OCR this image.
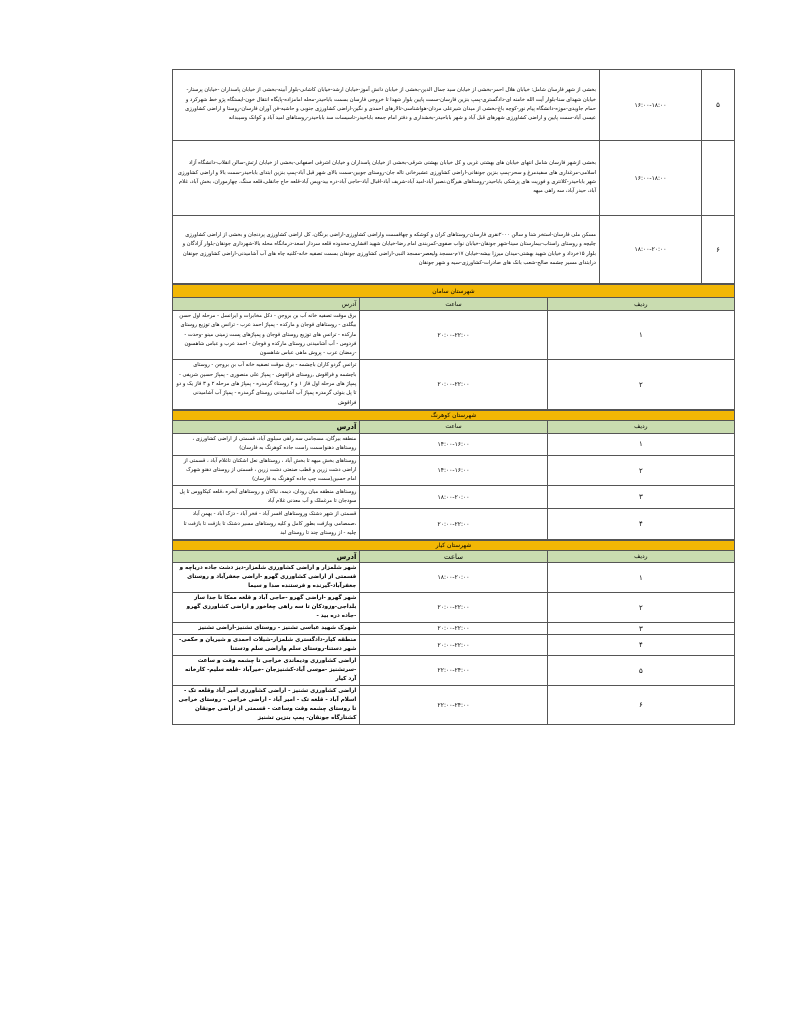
۵	۱۶:۰۰-۱۸:۰۰	بخشی از شهر فارسان شامل: خیابان هلال احمر-بخشی از خیابان سید جمال الدین-بخشی از خیابان دانش آموز-خیابان ارشد-خیابان کاشانی-بلوار آبینه-بخشی از خیابان پاسداران -خیابان پرستار-خیابان شهدای سنا-بلوار آیت الله خامنه ای-دادگستری-پمپ بنزین فارسان-سمت پایین بلوار شهدا تا خروجی فارسان بسمت باباحیدر-محله امامزاده-پایگاه انتقال خون-ایستگاه پژو خط شهرکرد و حمام جاویدی-موزه-دانشگاه پیام نور-کوچه باغ-بخشی از میدان شیرعلی مردان-هواشناسی-تالارهای احمدی و نگین-اراضی کشاورزی جنوبی و حاشیه-فن آوران فارسان-روستا و اراضی کشاورزی عیسی آباد-سمت پایین و اراضی کشاورزی شهرهای قبل آباد و شهر باباحیدر-بخشداری و دفتر امام جمعه باباحیدر-تاسیسات سد باباحیدر-روستاهای امید آباد و کوانک وسیبدانه
	۱۶:۰۰-۱۸:۰۰	بخشی ازشهر فارسان شامل انتهای خیابان های بهشتی غربی و کل خیابان بهشتی شرقی-بخشی از خیابان پاسداران و خیابان اشرفی اصفهانی-بخشی از خیابان ارتش-سالن انقلاب-دانشگاه آزاد اسلامی-مرغداری های سفیدمرغ و سحر-پمپ بنزین جونقانی-اراضی کشاورزی عشیرخانی تاله جان-روستای جوبین-سمت بالای شهر قبل آباد-پمپ بنزین ابتدای باباحیدر-سمت بالا و اراضی کشاورزی شهر باباحیدر-کلانتری و فوریت های پزشکی باباحیدر-روستاهای هیرگان،نصیر آباد-امید آباد-شریف آباد-اقبال آباد-حاجی آباد-دره بید-ویس آباد-قلعه حاج جانقلی،قلعه سنگ، چهارموران، بخش آباد، غلام آباد، حیدر آباد، سه راهی میهه
۶	۱۸:۰۰-۲۰:۰۰	مسکن ملی فارسان-استخر شنا و سالن ۲۰۰۰نفری فارسان-روستاهای کران و کوشکه و چهاقسمت واراضی کشاورزی-اراضی برنگان، کل اراضی کشاورزی پردنجان و بخشی از اراضی کشاورزی چلیچه و روستای راستاب-بیمارستان سینا-شهر جونقان-خیابان نواب صفوی-کمربندی امام رضا-خیابان شهید افشاری-محدوده قلعه سردار اسعد-درمانگاه محله بالا-شهرداری جونقان-بلوار آزادگان و بلوار ۱۵خرداد و خیابان شهید بهشتی-میدان میرزا بیشه-خیابان ۱۷م-مسجد ولیعصر-مسجد النبی-اراضی کشاورزی جونقان بسمت تصفیه خانه-کلنیه چاه های آب آشامیدنی-اراضی کشاورزی جونقان درابتدای مسیر چشمه صالح-شعب بانک های صادرات-کشاورزی-سیه و شهر جونقان
شهرستان سامان		
ردیف	ساعت	آدرس
۱	۲۰:۰۰-۲۲:۰۰	برق موقت تصفیه خانه آب بن بروجن - دکل مخابرات و ایرانسل - مرحله اول حسن بیگلدی - روستاهای فوجان و مارکده - پمپاژ احمد عرب - ترانس های توزیع روستای مارکده - ترانس های توزیع روستای فوجان و پمپاژهای پست زمینی مینو -وحدت - فردوس - آب آشامیدنی روستای مارکده و فوجان - احمد عرب و عباس شاهسون -رمضان عرب - پروش ماهی عباس شاهسون
۲	۲۰:۰۰-۲۲:۰۰	ترانس گردو کاران باچشمه - برق موقت تصفیه خانه آب بن بروجن - روستای باچشمه و فراقوش ,روستای فراقوش - پمپاژ علی منصوری - پمپاژ حسین شریفی - پمپاژ های مرحله اول فاز ۱ و ۲ روستاء گرمدره - پمپاژ های مرحله ۲ و ۳ فاز یک و دو تا پل بنوئی گرمدره پمپاژ آب آشامیدنی روستای گرمدره - پمپاژ آب آشامیدنی فراقوش
شهرستان کوهرنگ		
ردیف	ساعت	آدرس
۱	۱۴:۰۰-۱۶:۰۰	منطقه بیرگان، مسجامی سه راهی سبلوی آباد، قسمتی از اراضی کشاورزی ، روستاهای دهنو(سمت راست جاده کوهرنگ به فارسان)
۲	۱۴:۰۰-۱۶:۰۰	روستاهای بخش میهه تا بخش آباد ، روستاهای نعل اشکنان تاغلام آباد ، قسمتی از اراضی دشت زرین و قطب صنعتی دشت زرین ، قسمتی از روستای دهنو شهرک امام حسین(سمت چپ جاده کوهرنگ به فارسان)
۳	۱۸:۰۰-۲۰:۰۰	روستاهای منطقه میان رودان، دیمه، نیاکان و روستاهای آبخره ،قلعه کیکاووس تا پل سودجان تا مرغملک و آب معدنی غلام آباد
۴	۲۰:۰۰-۲۲:۰۰	قسمتی از شهر دشتک وروستاهای افسر آباد - فخر آباد - دزک آباد - بهمن آباد ،صمصامی وبازفت بطور کامل و کلیه روستاهای مسیر دشتک تا بازفت تا بازفت تا چلیه - از روستای چند تا روستای لبد
شهرستان کیار		
ردیف	ساعت	آدرس
۱	۱۸:۰۰-۲۰:۰۰	شهر شلمزار و اراضی کشاورزی شلمزار-دیز دشت جاده دریاچه و قسمتی از اراضی کشاورزی گهرو -اراضی جعفرآباد و روستای جعفرآباد-گیرنده و فرستنده صدا و سیما
۲	۲۰:۰۰-۲۲:۰۰	شهر گهرو -اراضی گهرو -حاجی آباد و قلعه ممکا تا جدا ساز بلداجی-وزودکان تا سه راهی چغاخور و اراضی کشاورزی گهرو -جاده دره بید -
۳	۲۰:۰۰-۲۲:۰۰	شهرک شهید عباسی تشنیز - روستای تشنیز-اراضی تشنیز
۴	۲۰:۰۰-۲۲:۰۰	منطقه کیار-دادگستری شلمزار-شیلات احمدی و شیریان و حکمی-شهر دستنا-روستای سلم واراضی سلم ودستنا
۵	۲۲:۰۰-۲۴:۰۰	اراضی کشاورزی ودیماندی خراجی تا چشمه وقت و ساعت -سرتشنیز -موسی آباد-کشنیزجان -خیرآباد -قلعه سلیم- کارخانه آرد کیار
۶	۲۲:۰۰-۲۴:۰۰	اراضی کشاورزی تشنیز - اراضی کشاورزی امیر آباد وقلعه تک - اسلام آباد - قلعه تک - امیر آباد - اراضی خراجی - روستای خراجی تا روستای چشمه وقت وساعت - قسمتی از اراضی جونقان کشتارگاه جونقان- پمپ بنزین تشنیز
